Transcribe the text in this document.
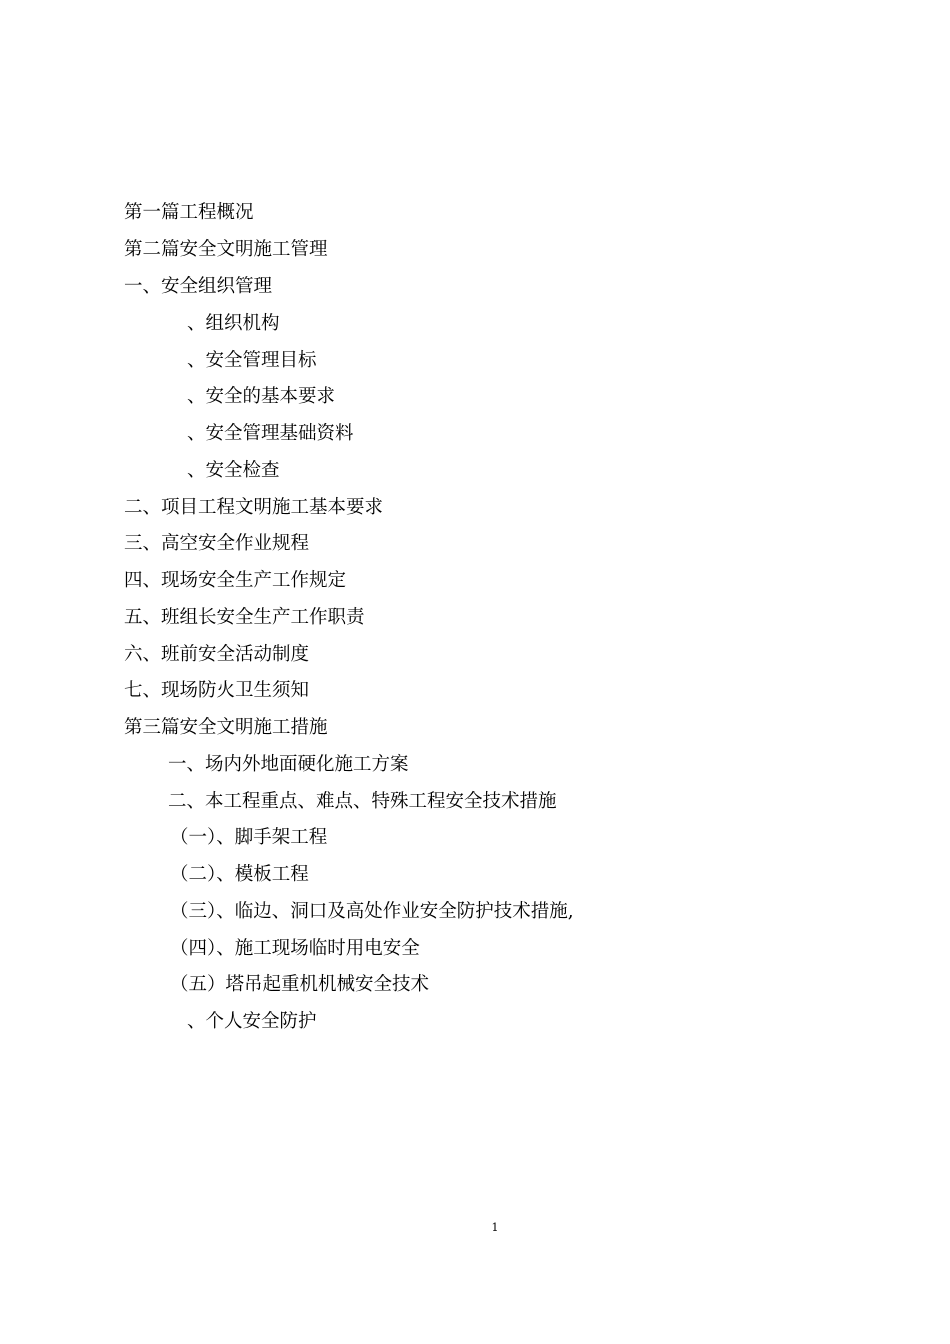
第一篇工程概况
第二篇安全文明施工管理
一、安全组织管理
、组织机构
、安全管理目标
、安全的基本要求
、安全管理基础资料
、安全检查
二、项目工程文明施工基本要求
三、高空安全作业规程
四、现场安全生产工作规定
五、班组长安全生产工作职责
六、班前安全活动制度
七、现场防火卫生须知
第三篇安全文明施工措施
一、场内外地面硬化施工方案
二、本工程重点、难点、特殊工程安全技术措施
（一）、脚手架工程
（二）、模板工程
（三）、临边、洞口及高处作业安全防护技术措施,
（四）、施工现场临时用电安全
（五）塔吊起重机机械安全技术
、个人安全防护
1
